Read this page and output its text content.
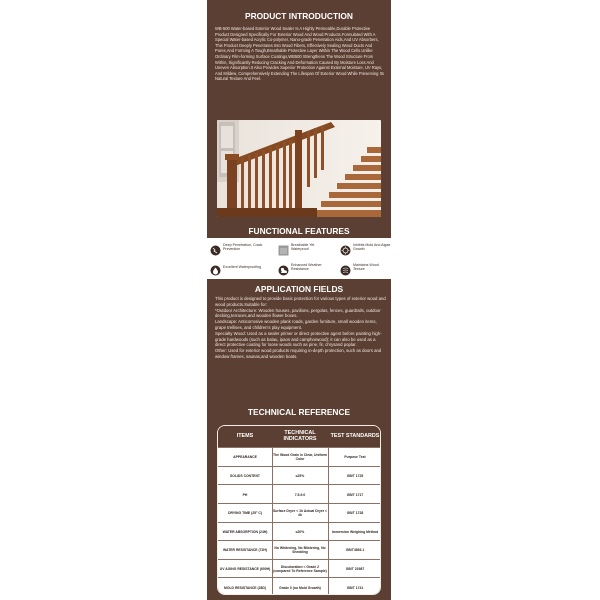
PRODUCT INTRODUCTION
WB-500 Water-based Exterior Wood Sealer Is A Highly Permeable,Durable Protective Product Designed Specifically For Exterior Wood And Wood Products.Formulated With A Special Water-based Acrylic Co-polymer, Nano-grade Penetration Aids,And UV Absorbers, This Product Deeply Penetrates Into Wood Fibers, Effectively Sealing Wood Ducts And Pores,And Forming A Tough,Breathable Protective Layer Within The Wood Cells.Unlike Ordinary Film-forming Surface Coatings,WB500 Strengthens The Wood Structure From Within, Significantly Reducing Cracking And Deformation Caused By Moisture Loss And Uneven Absorption.It Also Provides Superior Protection Against External Moisture, UV Rays, And Mildew, Comprehensively Extending The Lifespan Of Exterior Wood While Preserving Its Natural Texture And Feel.
FUNCTIONAL FEATURES
Deep Penetration, Crack Prevention
Breathable Yet Waterproof
Inhibits Mold And Algae Growth
Excellent Waterproofing	Enhanced Weather Resistance
Maintains Wood Texture
APPLICATION FIELDS
This product is designed to provide basic protection for various types of exterior wood and
wood products.Suitable for:
*Outdoor Architecture: Wooden houses, pavilions, pergolas, fences, guardrails, outdoor decking,terraces,and wooden flower boxes.
Landscape: Anticorrosive wooden plank roads, garden furniture, small wooden items, grape trellises, and children's play equipment.
Specialty Wood: Used as a sealer primer or direct protective agent before painting high-grade hardwoods (such as balau, ipaos and camphorwood); it can also be used as a direct protective coating for loose woods such as pine, fir, chrysand poplar.
Other: Used for exterior wood products requiring in-depth protection, such as doors and window frames, saunas,and wooden boats.
TECHNICAL REFERENCE
ITEMS	TECHNICAL INDICATORS	TEST STANDARDS
APPEARANCE	The Wood Grain is Clear, Uniform Color	Purpose Test
SOLIDS CONTENT	≤25%	GB/T 1725
PH	7.5-9.0	GB/T 1717
DRYING TIME (25° C)	Surface Dryer < 1h Actual Dryer < 4h	GB/T 1728
WATER ABSORPTION (24H)	≤20%	Immersion Weighing Method
WATER RESISTANCE (72H)	No Whitening, No Blistering, No Shedding	GB/T4893.1
UV AGING RESISTANCE (600H)	Discoloration < Grade 2 (compared To Reference Sample)	GB/T 23987
MOLD RESISTANCE (28D)	Grade 0 (no Mold Growth)	GB/T 1741
